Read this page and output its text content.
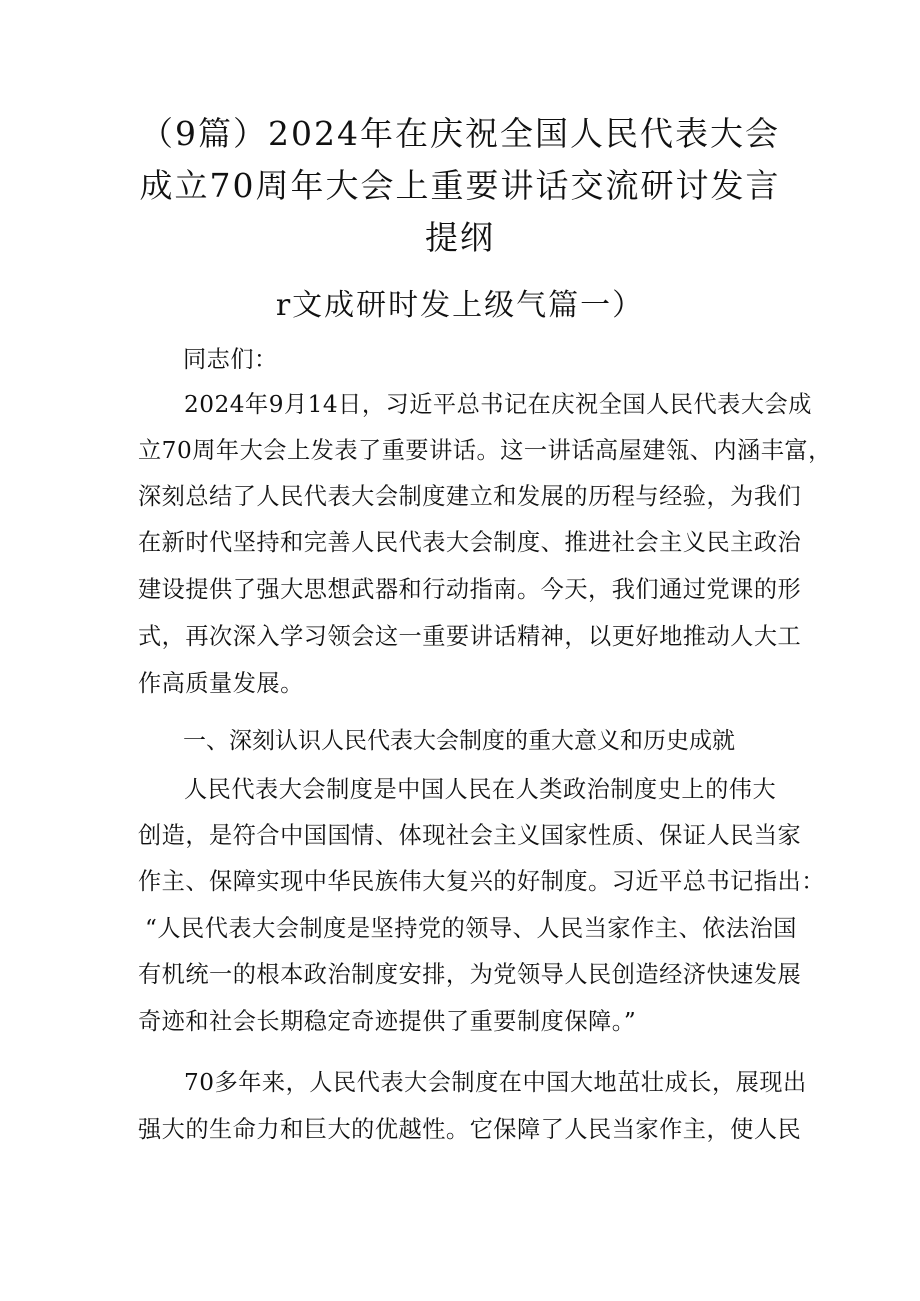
（9篇）2024年在庆祝全国人民代表大会
成立70周年大会上重要讲话交流研讨发言
提纲
r文成研时发上级气篇一）
同志们：
2024年9月14日，习近平总书记在庆祝全国人民代表大会成
立70周年大会上发表了重要讲话。这一讲话高屋建瓴、内涵丰富，
深刻总结了人民代表大会制度建立和发展的历程与经验，为我们
在新时代坚持和完善人民代表大会制度、推进社会主义民主政治
建设提供了强大思想武器和行动指南。今天，我们通过党课的形
式，再次深入学习领会这一重要讲话精神，以更好地推动人大工
作高质量发展。
一、深刻认识人民代表大会制度的重大意义和历史成就
人民代表大会制度是中国人民在人类政治制度史上的伟大
创造，是符合中国国情、体现社会主义国家性质、保证人民当家
作主、保障实现中华民族伟大复兴的好制度。习近平总书记指出：
“人民代表大会制度是坚持党的领导、人民当家作主、依法治国
有机统一的根本政治制度安排，为党领导人民创造经济快速发展
奇迹和社会长期稳定奇迹提供了重要制度保障。”
70多年来，人民代表大会制度在中国大地茁壮成长，展现出
强大的生命力和巨大的优越性。它保障了人民当家作主，使人民
